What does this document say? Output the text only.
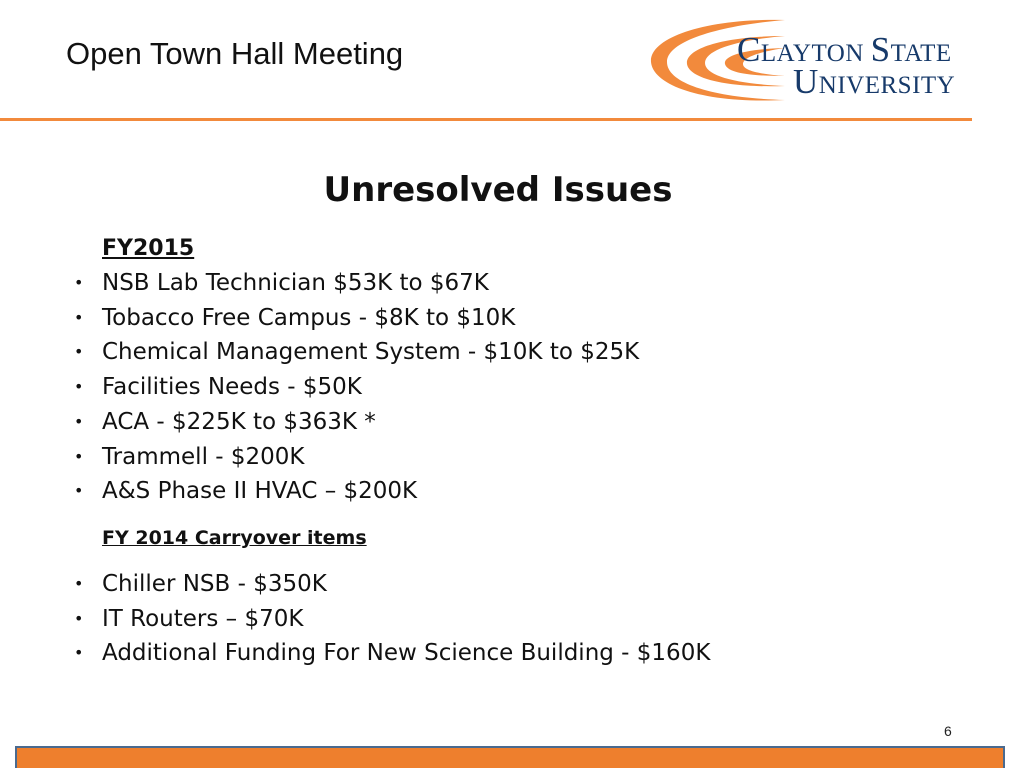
Open Town Hall Meeting	CLAYTON STATE
UNIVERSITY
Unresolved Issues
FY2015
• NSB Lab Technician $53K to $67K
• Tobacco Free Campus - $8K to $10K
• Chemical Management System - $10K to $25K
• Facilities Needs - $50K
• ACA - $225K to $363K *
• Trammell - $200K
• A&S Phase II HVAC – $200K
FY 2014 Carryover items
• Chiller NSB - $350K
• IT Routers – $70K
• Additional Funding For New Science Building - $160K
6
